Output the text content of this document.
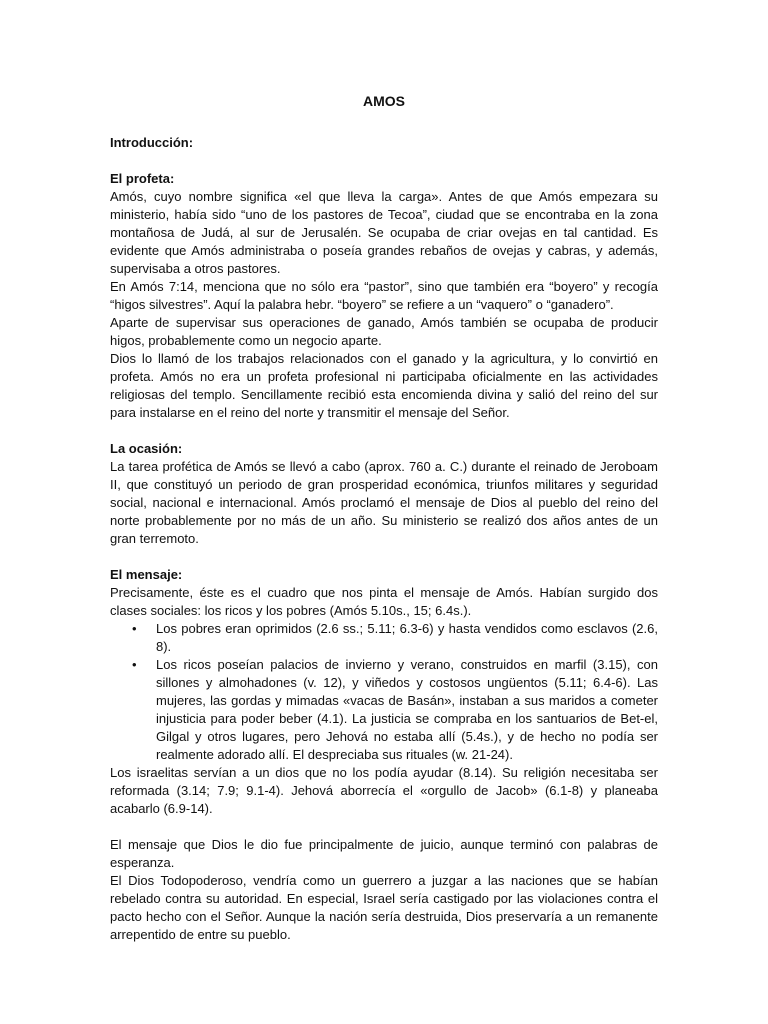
AMOS
Introducción:
El profeta:

Amós, cuyo nombre significa «el que lleva la carga». Antes de que Amós empezara su ministerio, había sido “uno de los pastores de Tecoa”, ciudad que se encontraba en la zona montañosa de Judá, al sur de Jerusalén. Se ocupaba de criar ovejas en tal cantidad. Es evidente que Amós administraba o poseía grandes rebaños de ovejas y cabras, y además, supervisaba a otros pastores.

En Amós 7:14, menciona que no sólo era “pastor”, sino que también era “boyero” y recogía “higos silvestres”. Aquí la palabra hebr. “boyero” se refiere a un “vaquero” o “ganadero”.

Aparte de supervisar sus operaciones de ganado, Amós también se ocupaba de producir higos, probablemente como un negocio aparte.

Dios lo llamó de los trabajos relacionados con el ganado y la agricultura, y lo convirtió en profeta. Amós no era un profeta profesional ni participaba oficialmente en las actividades religiosas del templo. Sencillamente recibió esta encomienda divina y salió del reino del sur para instalarse en el reino del norte y transmitir el mensaje del Señor.

La ocasión:

La tarea profética de Amós se llevó a cabo (aprox. 760 a. C.) durante el reinado de Jeroboam II, que constituyó un periodo de gran prosperidad económica, triunfos militares y seguridad social, nacional e internacional. Amós proclamó el mensaje de Dios al pueblo del reino del norte probablemente por no más de un año. Su ministerio se realizó dos años antes de un gran terremoto.

El mensaje:

Precisamente, éste es el cuadro que nos pinta el mensaje de Amós. Habían surgido dos clases sociales: los ricos y los pobres (Amós 5.10s., 15; 6.4s.).

• Los pobres eran oprimidos (2.6 ss.; 5.11; 6.3-6) y hasta vendidos como esclavos (2.6, 8).
• Los ricos poseían palacios de invierno y verano, construidos en marfil (3.15), con sillones y almohadones (v. 12), y viñedos y costosos ungüentos (5.11; 6.4-6). Las mujeres, las gordas y mimadas «vacas de Basán», instaban a sus maridos a cometer injusticia para poder beber (4.1). La justicia se compraba en los santuarios de Bet-el, Gilgal y otros lugares, pero Jehová no estaba allí (5.4s.), y de hecho no podía ser realmente adorado allí. El despreciaba sus rituales (w. 21-24).

Los israelitas servían a un dios que no los podía ayudar (8.14). Su religión necesitaba ser reformada (3.14; 7.9; 9.1-4). Jehová aborrecía el «orgullo de Jacob» (6.1-8) y planeaba acabarlo (6.9-14).

El mensaje que Dios le dio fue principalmente de juicio, aunque terminó con palabras de esperanza.

El Dios Todopoderoso, vendría como un guerrero a juzgar a las naciones que se habían rebelado contra su autoridad. En especial, Israel sería castigado por las violaciones contra el pacto hecho con el Señor. Aunque la nación sería destruida, Dios preservaría a un remanente arrepentido de entre su pueblo.
